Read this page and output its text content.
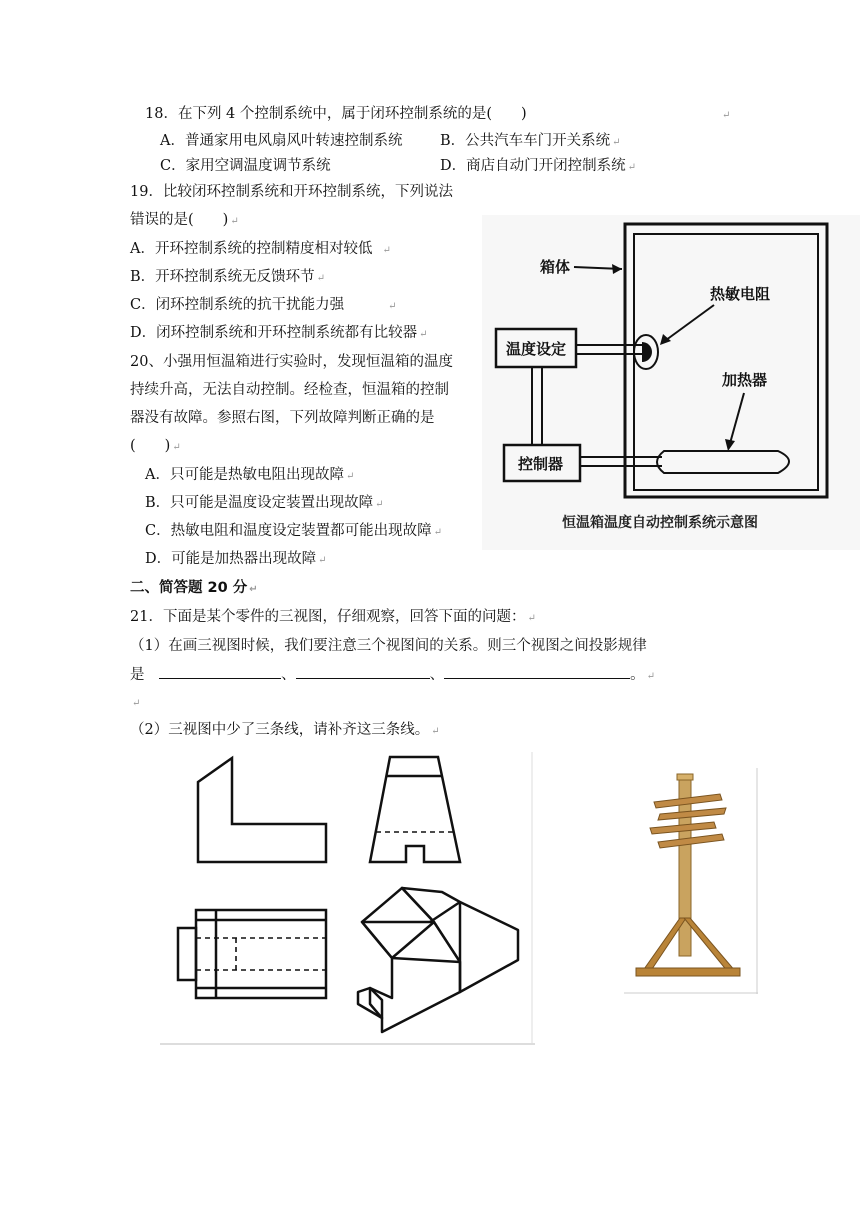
18．在下列 4 个控制系统中，属于闭环控制系统的是(　　)	↵
A．普通家用电风扇风叶转速控制系统	B．公共汽车车门开关系统 ↵
C．家用空调温度调节系统	D．商店自动门开闭控制系统 ↵
19．比较闭环控制系统和开环控制系统，下列说法
错误的是(　　) ↵
A．开环控制系统的控制精度相对较低 ↵
B．开环控制系统无反馈环节 ↵
C．闭环控制系统的抗干扰能力强	↵
D．闭环控制系统和开环控制系统都有比较器 ↵
20、小强用恒温箱进行实验时，发现恒温箱的温度
持续升高，无法自动控制。经检查，恒温箱的控制
器没有故障。参照右图，下列故障判断正确的是
(　　) ↵
A．只可能是热敏电阻出现故障 ↵
B．只可能是温度设定装置出现故障 ↵
C．热敏电阻和温度设定装置都可能出现故障 ↵
D．可能是加热器出现故障 ↵
箱体
热敏电阻
温度设定
控制器
加热器
恒温箱温度自动控制系统示意图
二、简答题 20 分 ↵
21．下面是某个零件的三视图，仔细观察，回答下面的问题： ↵
（1）在画三视图时候，我们要注意三个视图间的关系。则三个视图之间投影规律
是	、	、	。 ↵
↵
（2）三视图中少了三条线，请补齐这三条线。 ↵
